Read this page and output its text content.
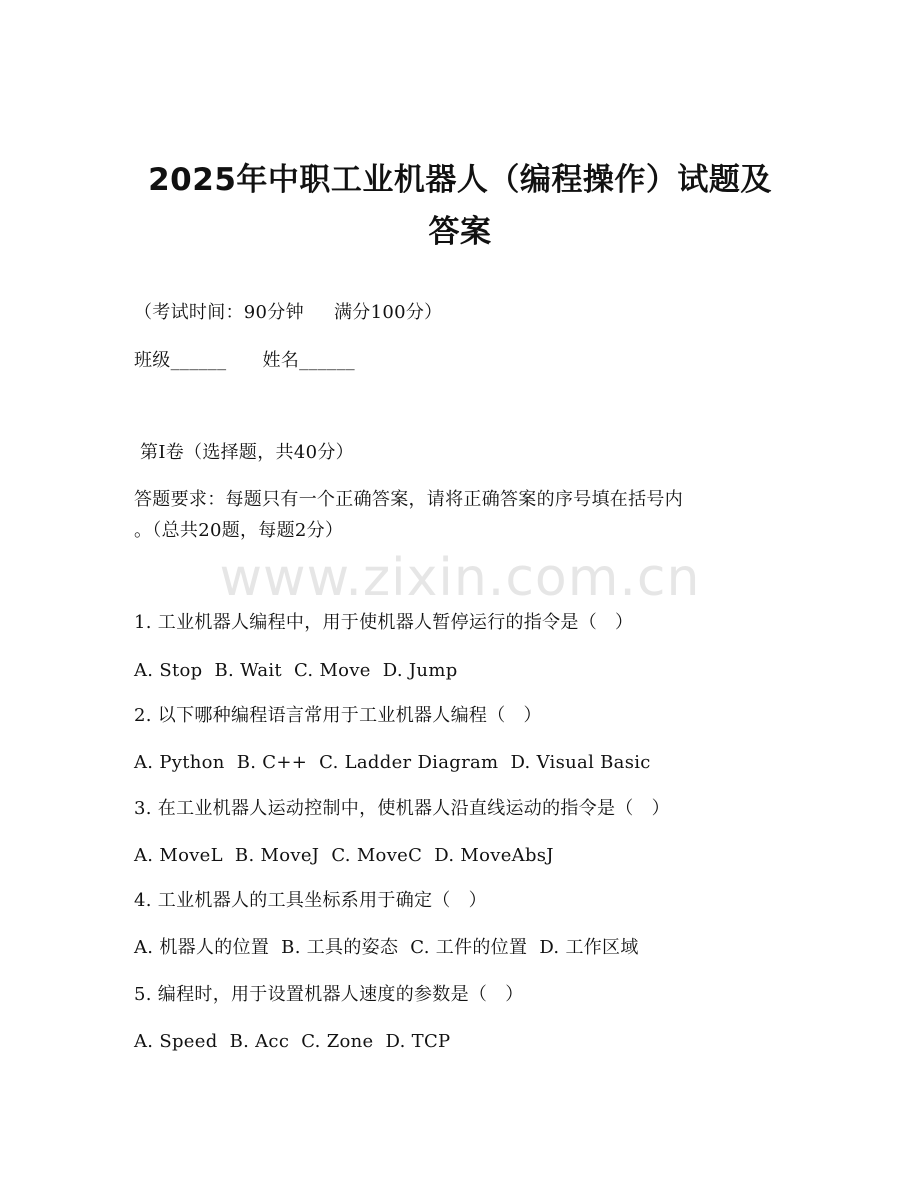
2025年中职工业机器人（编程操作）试题及
答案
（考试时间：90分钟     满分100分）
班级______      姓名______
第I卷（选择题，共40分）
答题要求：每题只有一个正确答案，请将正确答案的序号填在括号内
。（总共20题，每题2分）
www.zixin.com.cn
1. 工业机器人编程中，用于使机器人暂停运行的指令是（   ）
A. Stop  B. Wait  C. Move  D. Jump
2. 以下哪种编程语言常用于工业机器人编程（   ）
A. Python  B. C++  C. Ladder Diagram  D. Visual Basic
3. 在工业机器人运动控制中，使机器人沿直线运动的指令是（   ）
A. MoveL  B. MoveJ  C. MoveC  D. MoveAbsJ
4. 工业机器人的工具坐标系用于确定（   ）
A. 机器人的位置  B. 工具的姿态  C. 工件的位置  D. 工作区域
5. 编程时，用于设置机器人速度的参数是（   ）
A. Speed  B. Acc  C. Zone  D. TCP
